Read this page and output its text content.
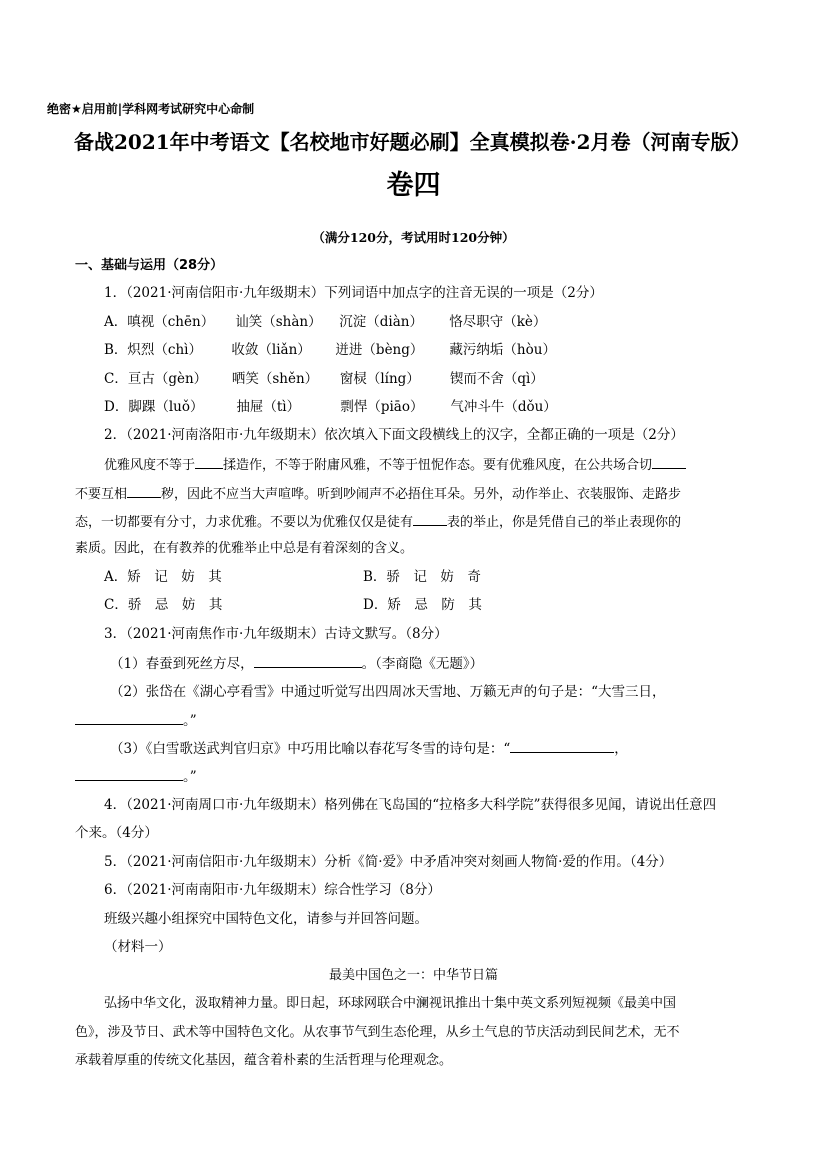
绝密★启用前|学科网考试研究中心命制
备战2021年中考语文【名校地市好题必刷】全真模拟卷·2月卷（河南专版）
卷四
（满分120分，考试用时120分钟）
一、基础与运用（28分）
1．（2021·河南信阳市·九年级期末）下列词语中加点字的注音无误的一项是（2分）
A．嗔视（chēn） 讪笑（shàn） 沉淀（diàn） 恪尽职守（kè）
B．炽烈（chì） 收敛（liǎn） 迸进（bèng） 藏污纳垢（hòu）
C．亘古（gèn） 哂笑（shěn） 窗棂（líng） 锲而不舍（qì）
D．脚踝（luǒ） 抽屉（tì）	剽悍（piāo） 气冲斗牛（dǒu）
2．（2021·河南洛阳市·九年级期末）依次填入下面文段横线上的汉字，全都正确的一项是（2分）
优雅风度不等于 揉造作，不等于附庸风雅，不等于忸怩作态。要有优雅风度，在公共场合切
不要互相	秽，因此不应当大声喧哗。听到吵闹声不必捂住耳朵。另外，动作举止、衣装服饰、走路步
态，一切都要有分寸，力求优雅。不要以为优雅仅仅是徒有	表的举止，你是凭借自己的举止表现你的
素质。因此，在有教养的优雅举止中总是有着深刻的含义。
A．矫　记　妨　其	B．骄　记　妨　奇
C．骄　忌　妨　其	D．矫　忌　防　其
3．（2021·河南焦作市·九年级期末）古诗文默写。（8分）
（1）春蚕到死丝方尽，	。（李商隐《无题》）
（2）张岱在《湖心亭看雪》中通过听觉写出四周冰天雪地、万籁无声的句子是：“大雪三日，
。”
（3）《白雪歌送武判官归京》中巧用比喻以春花写冬雪的诗句是：“	，
。”
4．（2021·河南周口市·九年级期末）格列佛在飞岛国的“拉格多大科学院”获得很多见闻，请说出任意四
个来。（4分）
5．（2021·河南信阳市·九年级期末）分析《简·爱》中矛盾冲突对刻画人物简·爱的作用。（4分）
6．（2021·河南南阳市·九年级期末）综合性学习（8分）
班级兴趣小组探究中国特色文化，请参与并回答问题。
（材料一）
最美中国色之一：中华节日篇
弘扬中华文化，汲取精神力量。即日起，环球网联合中澜视讯推出十集中英文系列短视频《最美中国
色》，涉及节日、武术等中国特色文化。从农事节气到生态伦理，从乡土气息的节庆活动到民间艺术，无不
承载着厚重的传统文化基因，蕴含着朴素的生活哲理与伦理观念。
